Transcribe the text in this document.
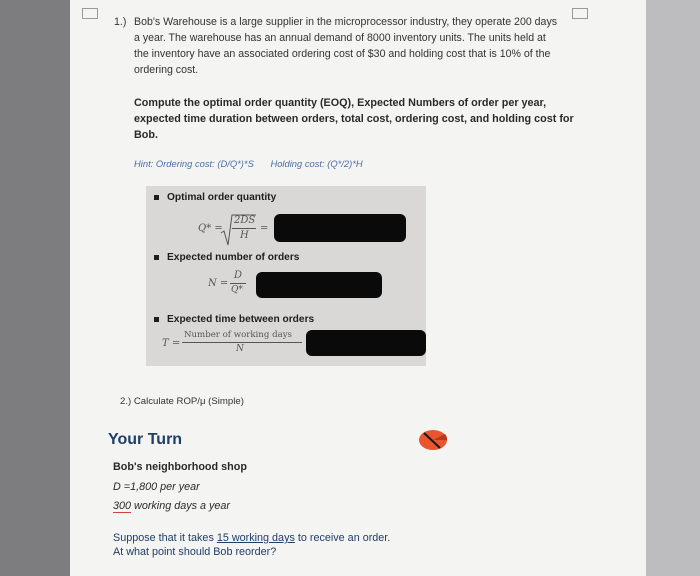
1.) Bob's Warehouse is a large supplier in the microprocessor industry, they operate 200 days a year. The warehouse has an annual demand of 8000 inventory units. The units held at the inventory have an associated ordering cost of $30 and holding cost that is 10% of the ordering cost.
Compute the optimal order quantity (EOQ), Expected Numbers of order per year, expected time duration between orders, total cost, ordering cost, and holding cost for Bob.
Hint: Ordering cost: (D/Q*)*S Holding cost: (Q*/2)*H
Optimal order quantity
Q* =
2DS
H
=
Expected number of orders
N =
D
Q*
Expected time between orders
T =
Number of working days
N
2.) Calculate ROP/μ (Simple)
Your Turn
Bob's neighborhood shop
D =1,800 per year
300 working days a year
Suppose that it takes 15 working days to receive an order.
At what point should Bob reorder?
